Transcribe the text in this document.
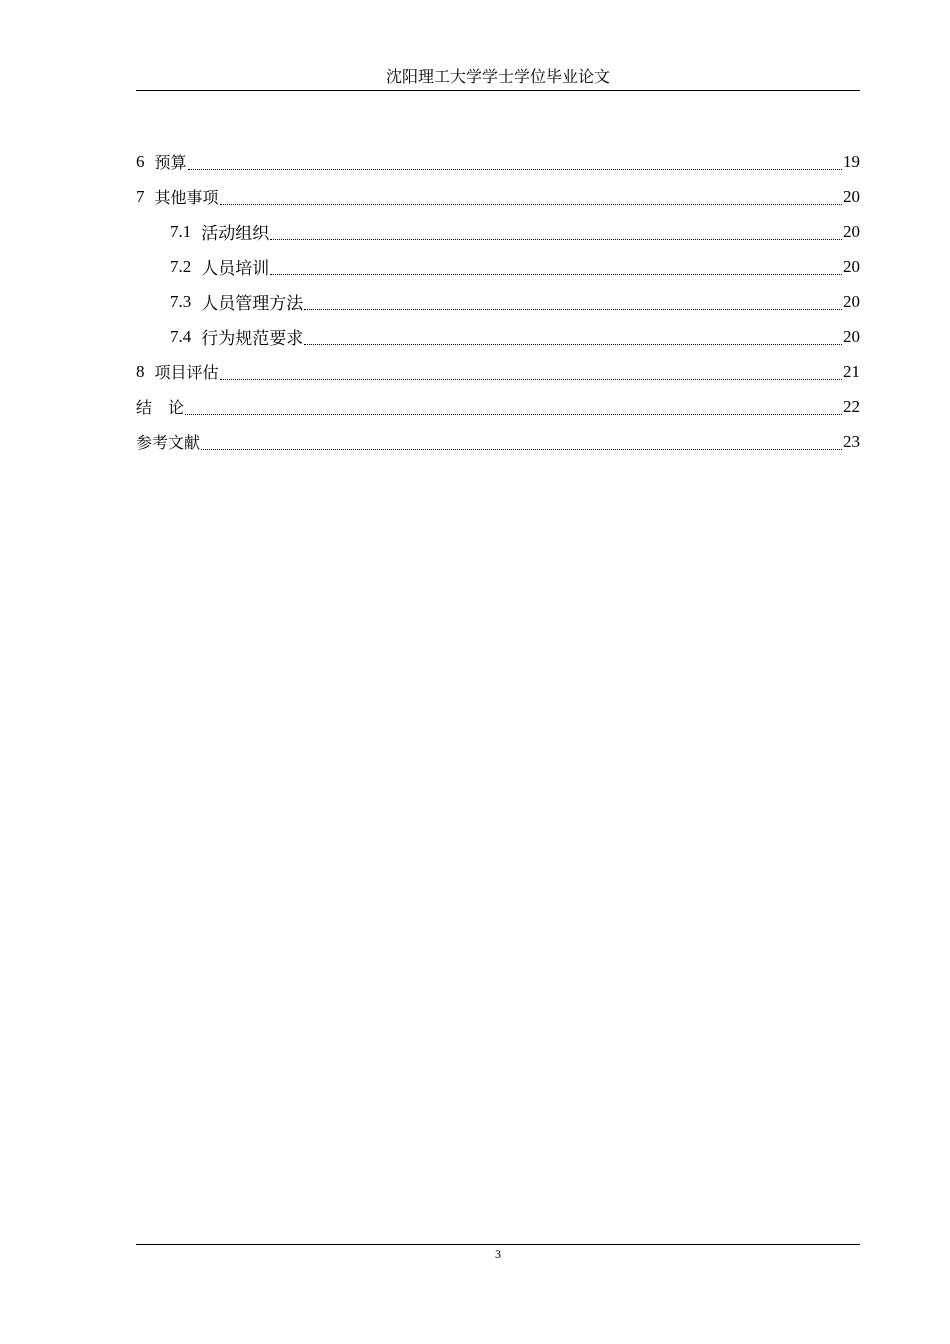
沈阳理工大学学士学位毕业论文
6 预算	19
7 其他事项	20
7.1 活动组织	20
7.2 人员培训	20
7.3 人员管理方法	20
7.4 行为规范要求	20
8 项目评估	21
结　论	22
参考文献	23
3
